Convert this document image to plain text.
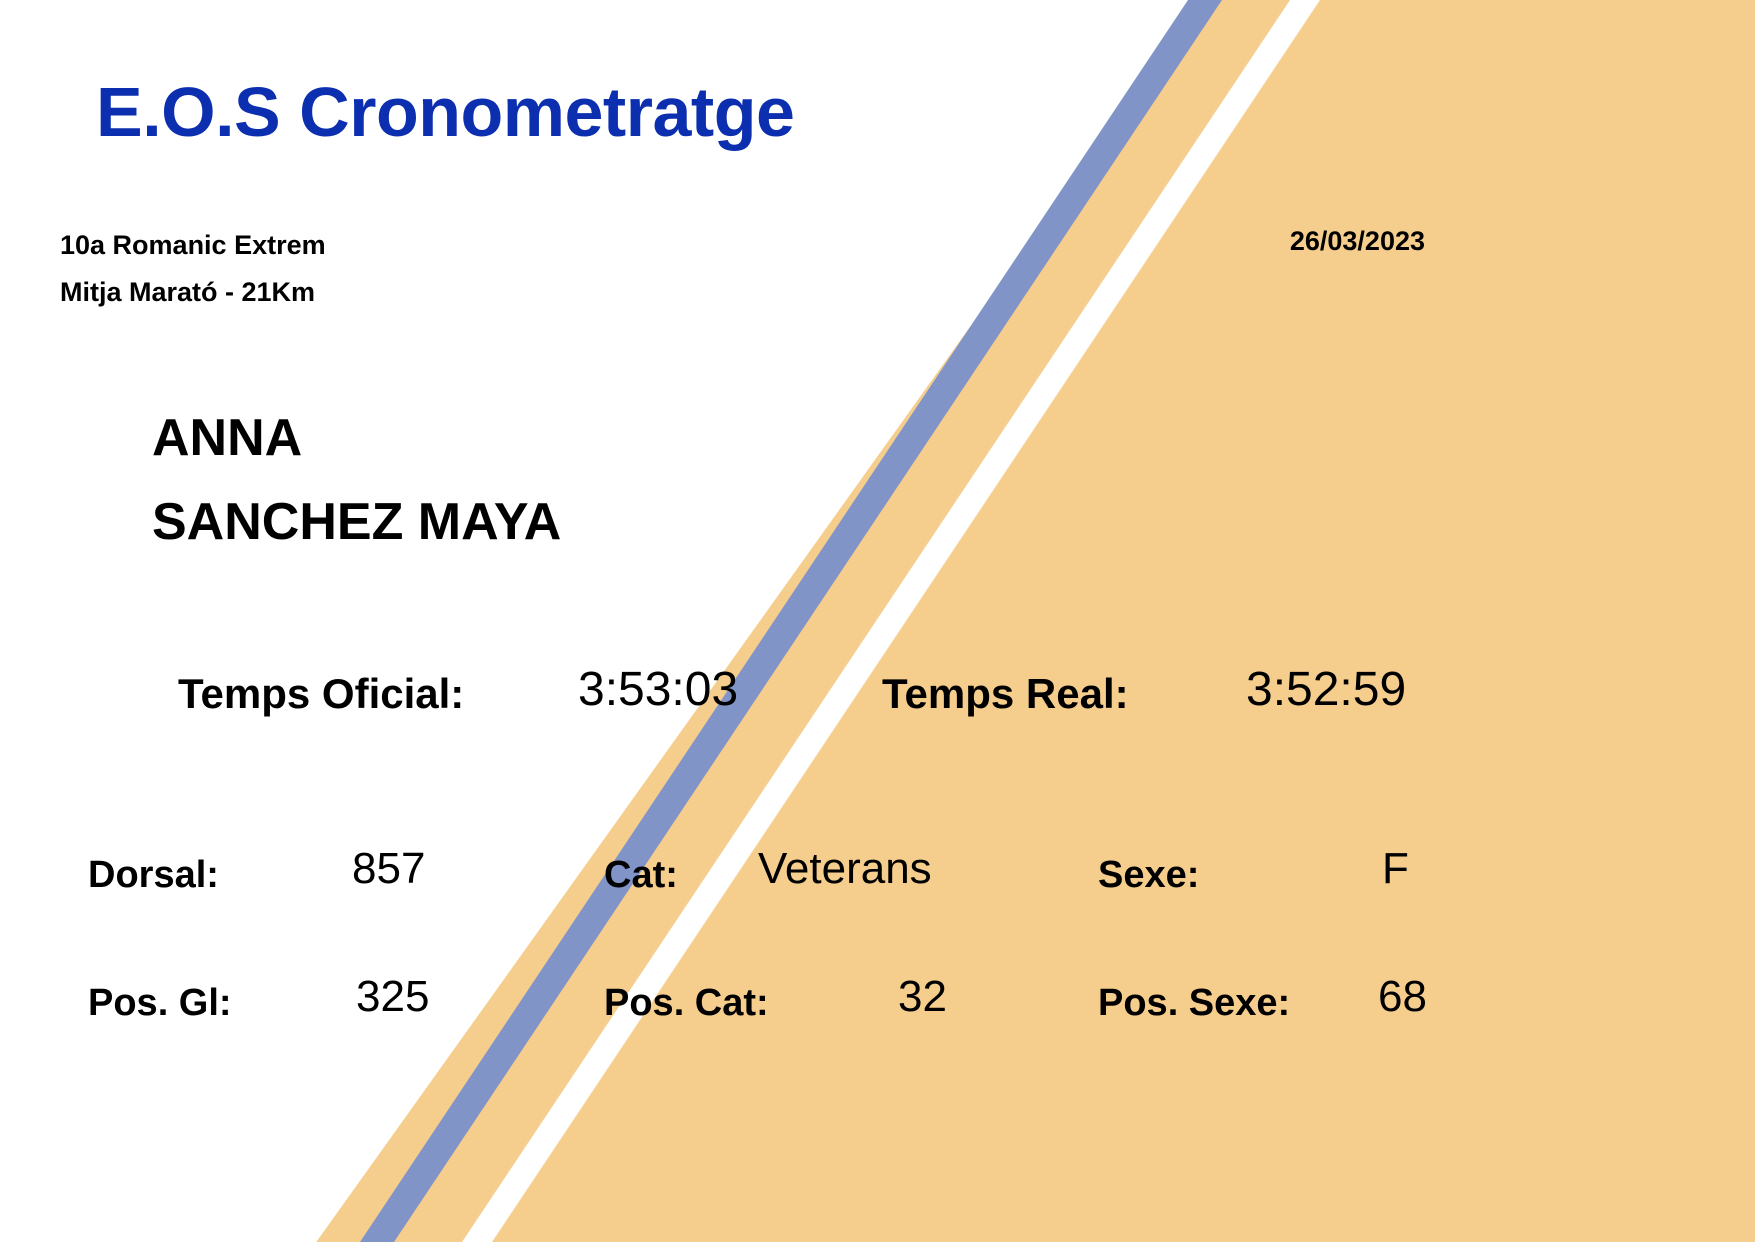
E.O.S Cronometratge
10a Romanic Extrem
Mitja Marató - 21Km
26/03/2023
ANNA
SANCHEZ MAYA
Temps Oficial: 3:53:03	Temps Real: 3:52:59
Dorsal:	857	Cat: Veterans	Sexe:	F
Pos. Gl:	325	Pos. Cat:	32	Pos. Sexe: 68
